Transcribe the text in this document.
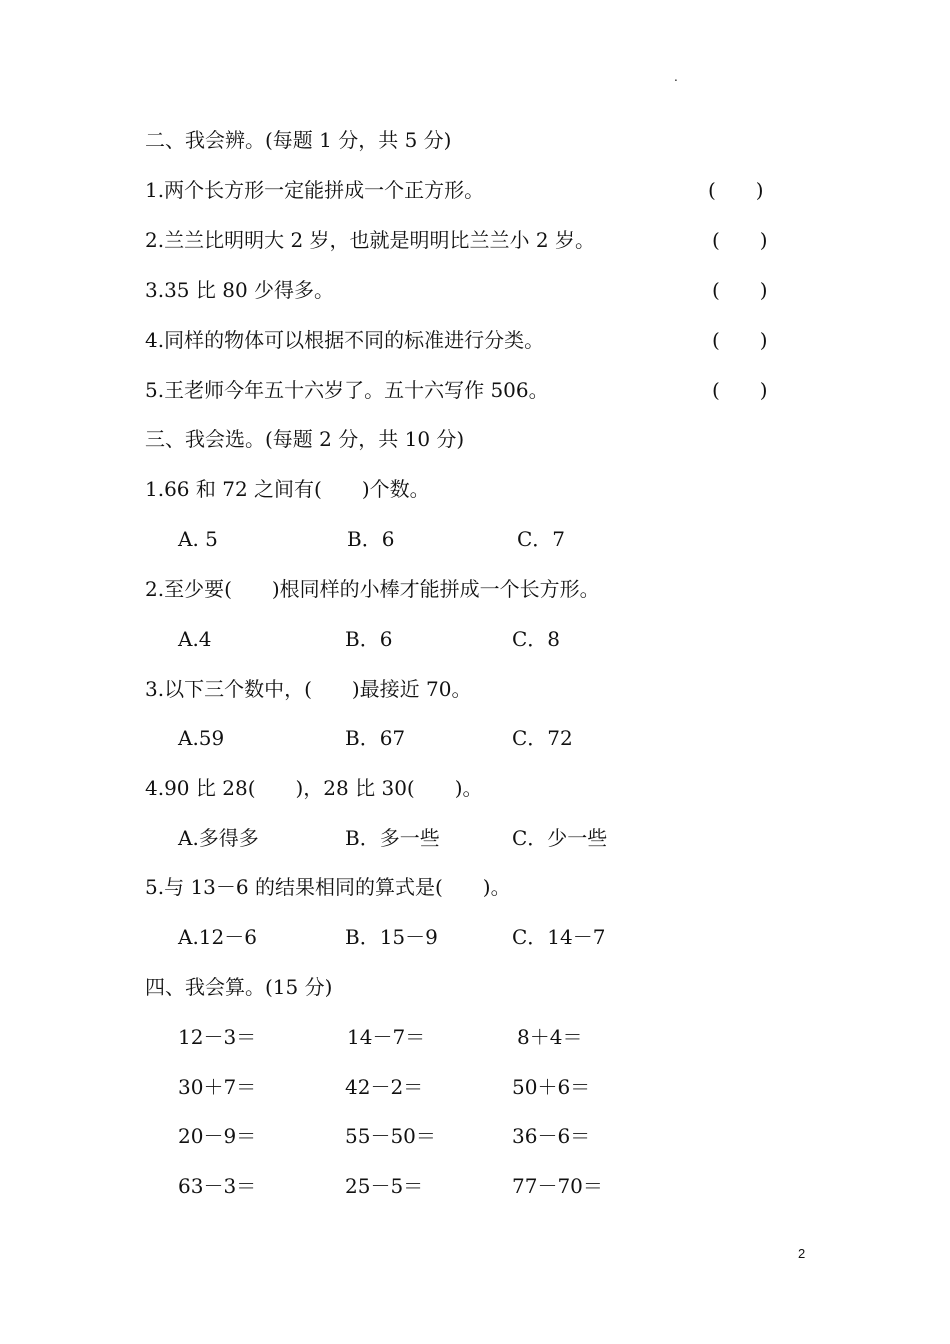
.
二、我会辨。(每题 1 分，共 5 分)
1.两个长方形一定能拼成一个正方形。	(　　)
2.兰兰比明明大 2 岁，也就是明明比兰兰小 2 岁。	(　　)
3.35 比 80 少得多。	(　　)
4.同样的物体可以根据不同的标准进行分类。	(　　)
5.王老师今年五十六岁了。五十六写作 506。	(　　)
三、我会选。(每题 2 分，共 10 分)
1.66 和 72 之间有(　　)个数。
A. 5	B．6	C．7
2.至少要(　　)根同样的小棒才能拼成一个长方形。
A.4	B．6	C．8
3.以下三个数中，(　　)最接近 70。
A.59	B．67	C．72
4.90 比 28(　　)，28 比 30(　　)。
A.多得多	B．多一些	C．少一些
5.与 13－6 的结果相同的算式是(　　)。
A.12－6	B．15－9	C．14－7
四、我会算。(15 分)
12－3＝	14－7＝	8＋4＝
30＋7＝	42－2＝	50＋6＝
20－9＝	55－50＝	36－6＝
63－3＝	25－5＝	77－70＝
2
